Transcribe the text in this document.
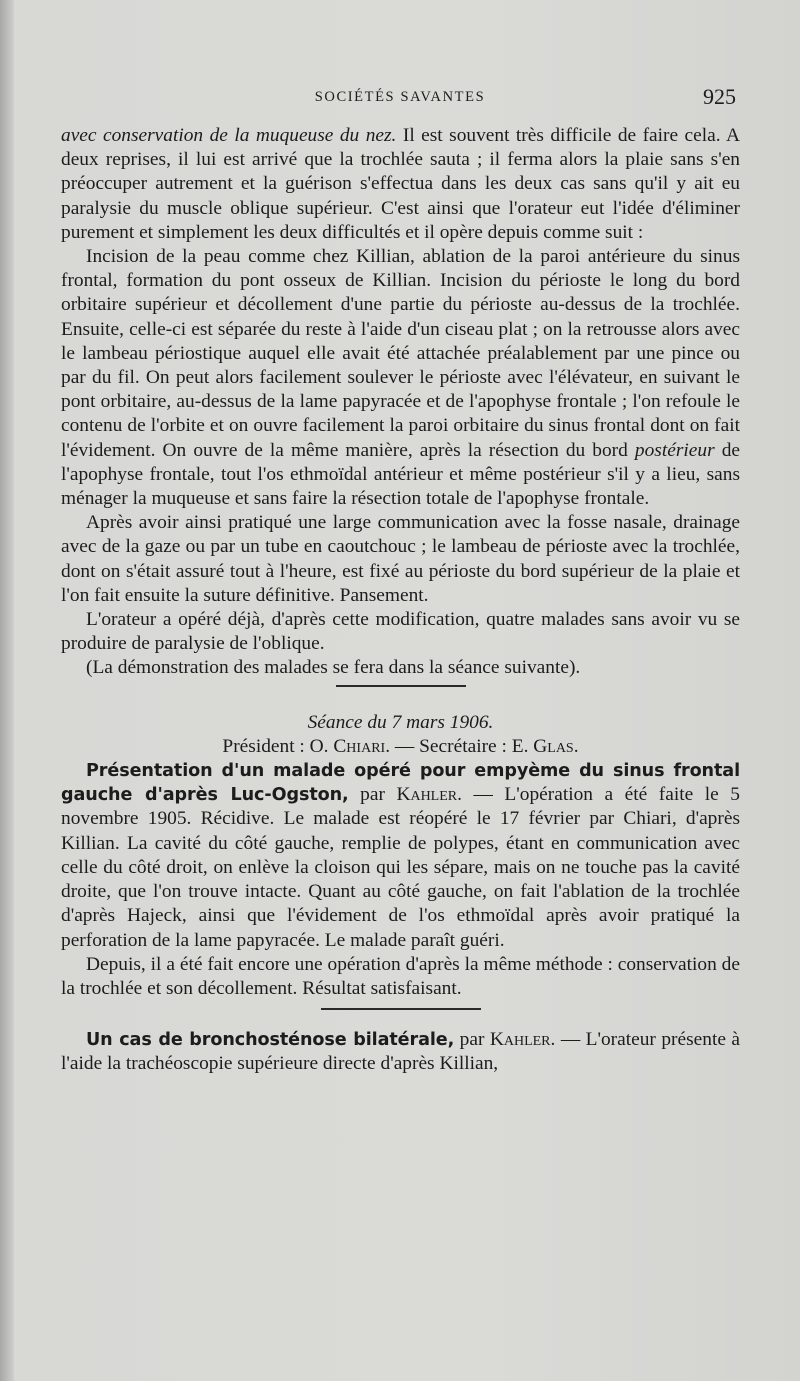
SOCIÉTÉS SAVANTES	925

avec conservation de la muqueuse du nez. Il est souvent très difficile de faire cela. A deux reprises, il lui est arrivé que la trochlée sauta ; il ferma alors la plaie sans s'en préoccuper autrement et la guérison s'effectua dans les deux cas sans qu'il y ait eu paralysie du muscle oblique supérieur. C'est ainsi que l'orateur eut l'idée d'éliminer purement et simplement les deux difficultés et il opère depuis comme suit :

Incision de la peau comme chez Killian, ablation de la paroi antérieure du sinus frontal, formation du pont osseux de Killian. Incision du périoste le long du bord orbitaire supérieur et décollement d'une partie du périoste au-dessus de la trochlée. Ensuite, celle-ci est séparée du reste à l'aide d'un ciseau plat ; on la retrousse alors avec le lambeau périostique auquel elle avait été attachée préalablement par une pince ou par du fil. On peut alors facilement soulever le périoste avec l'élévateur, en suivant le pont orbitaire, au-dessus de la lame papyracée et de l'apophyse frontale ; l'on refoule le contenu de l'orbite et on ouvre facilement la paroi orbitaire du sinus frontal dont on fait l'évidement. On ouvre de la même manière, après la résection du bord postérieur de l'apophyse frontale, tout l'os ethmoïdal antérieur et même postérieur s'il y a lieu, sans ménager la muqueuse et sans faire la résection totale de l'apophyse frontale.

Après avoir ainsi pratiqué une large communication avec la fosse nasale, drainage avec de la gaze ou par un tube en caoutchouc ; le lambeau de périoste avec la trochlée, dont on s'était assuré tout à l'heure, est fixé au périoste du bord supérieur de la plaie et l'on fait ensuite la suture définitive. Pansement.

L'orateur a opéré déjà, d'après cette modification, quatre malades sans avoir vu se produire de paralysie de l'oblique.

(La démonstration des malades se fera dans la séance suivante).

Séance du 7 mars 1906.

Président : O. Chiari. — Secrétaire : E. Glas.

Présentation d'un malade opéré pour empyème du sinus frontal gauche d'après Luc-Ogston, par Kahler. — L'opération a été faite le 5 novembre 1905. Récidive. Le malade est réopéré le 17 février par Chiari, d'après Killian. La cavité du côté gauche, remplie de polypes, étant en communication avec celle du côté droit, on enlève la cloison qui les sépare, mais on ne touche pas la cavité droite, que l'on trouve intacte. Quant au côté gauche, on fait l'ablation de la trochlée d'après Hajeck, ainsi que l'évidement de l'os ethmoïdal après avoir pratiqué la perforation de la lame papyracée. Le malade paraît guéri.

Depuis, il a été fait encore une opération d'après la même méthode : conservation de la trochlée et son décollement. Résultat satisfaisant.

Un cas de bronchosténose bilatérale, par Kahler. — L'orateur présente à l'aide la trachéoscopie supérieure directe d'après Killian,
